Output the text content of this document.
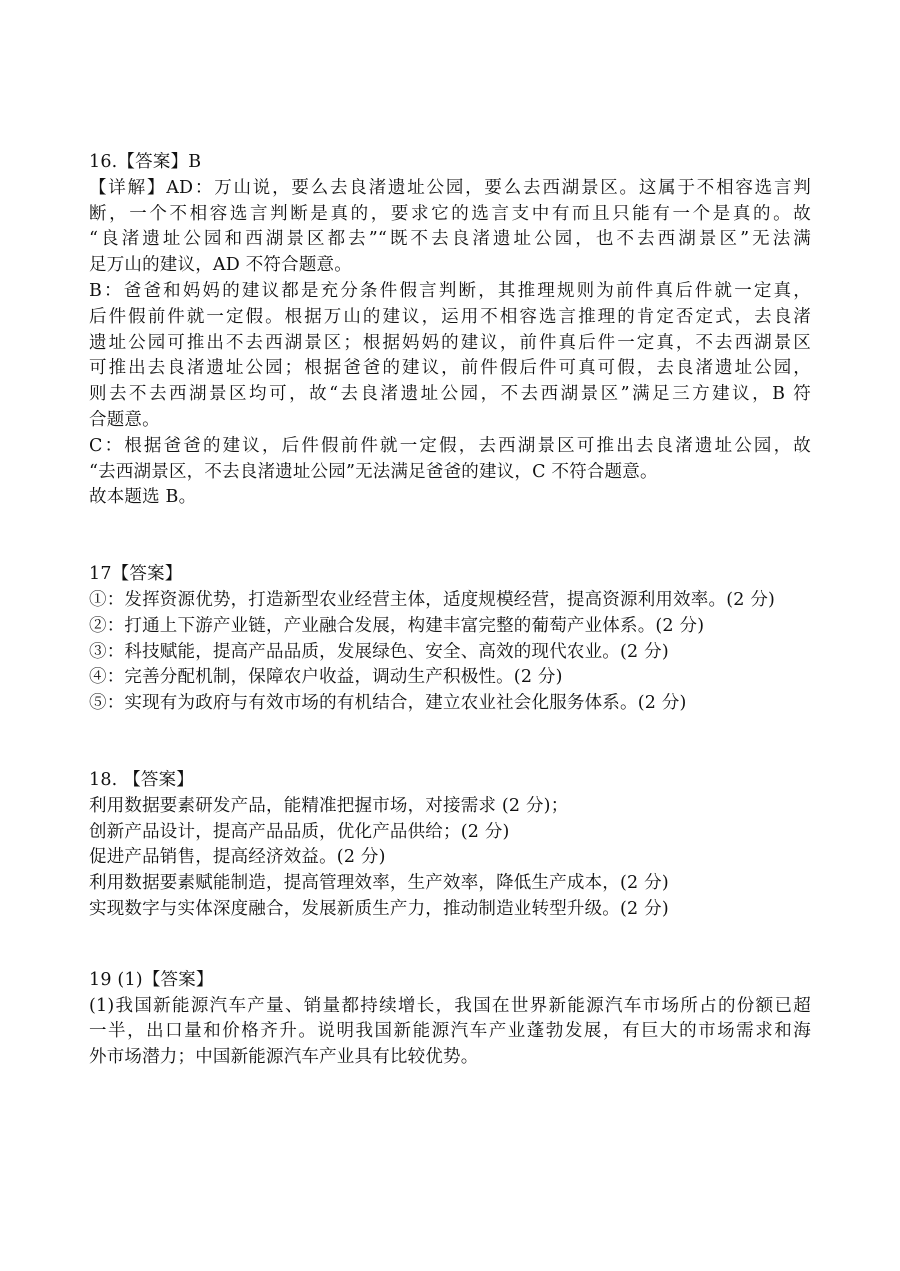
16.【答案】B
【详解】AD：万山说，要么去良渚遗址公园，要么去西湖景区。这属于不相容选言判
断，一个不相容选言判断是真的，要求它的选言支中有而且只能有一个是真的。故
“良渚遗址公园和西湖景区都去”“既不去良渚遗址公园，也不去西湖景区”无法满
足万山的建议，AD 不符合题意。
B：爸爸和妈妈的建议都是充分条件假言判断，其推理规则为前件真后件就一定真，
后件假前件就一定假。根据万山的建议，运用不相容选言推理的肯定否定式，去良渚
遗址公园可推出不去西湖景区；根据妈妈的建议，前件真后件一定真，不去西湖景区
可推出去良渚遗址公园；根据爸爸的建议，前件假后件可真可假，去良渚遗址公园，
则去不去西湖景区均可，故“去良渚遗址公园，不去西湖景区”满足三方建议，B 符
合题意。
C：根据爸爸的建议，后件假前件就一定假，去西湖景区可推出去良渚遗址公园，故
“去西湖景区，不去良渚遗址公园”无法满足爸爸的建议，C 不符合题意。
故本题选 B。
17【答案】
①：发挥资源优势，打造新型农业经营主体，适度规模经营，提高资源利用效率。(2 分)
②：打通上下游产业链，产业融合发展，构建丰富完整的葡萄产业体系。(2 分)
③：科技赋能，提高产品品质，发展绿色、安全、高效的现代农业。(2 分)
④：完善分配机制，保障农户收益，调动生产积极性。(2 分)
⑤：实现有为政府与有效市场的有机结合，建立农业社会化服务体系。(2 分)
18. 【答案】
利用数据要素研发产品，能精准把握市场，对接需求 (2 分)；
创新产品设计，提高产品品质，优化产品供给；(2 分)
促进产品销售，提高经济效益。(2 分)
利用数据要素赋能制造，提高管理效率，生产效率，降低生产成本，(2 分)
实现数字与实体深度融合，发展新质生产力，推动制造业转型升级。(2 分)
19 (1)【答案】
(1)我国新能源汽车产量、销量都持续增长，我国在世界新能源汽车市场所占的份额已超
一半，出口量和价格齐升。说明我国新能源汽车产业蓬勃发展，有巨大的市场需求和海
外市场潜力；中国新能源汽车产业具有比较优势。
